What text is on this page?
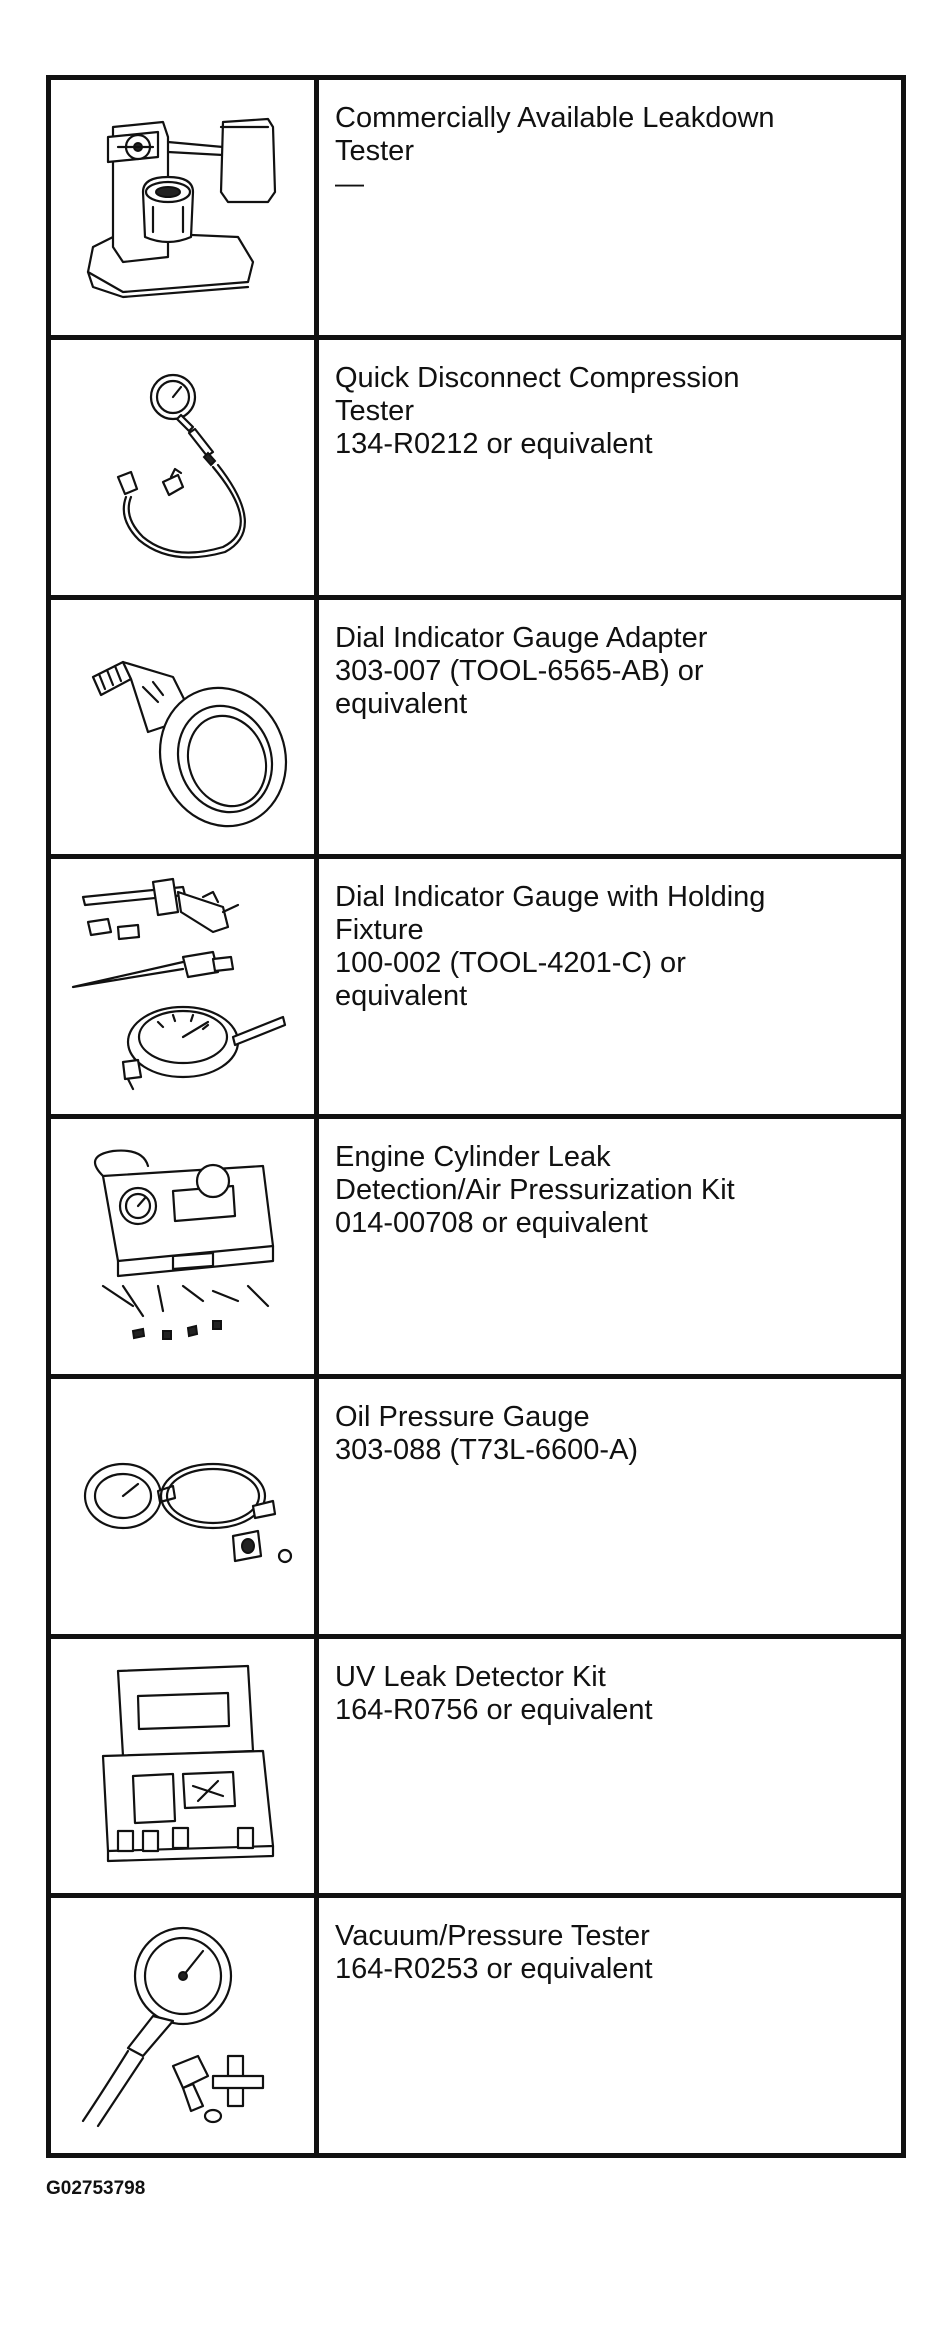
Commercially Available Leakdown
Tester
—
Quick Disconnect Compression
Tester
134-R0212 or equivalent
Dial Indicator Gauge Adapter
303-007 (TOOL-6565-AB) or
equivalent
Dial Indicator Gauge with Holding
Fixture
100-002 (TOOL-4201-C) or
equivalent
Engine Cylinder Leak
Detection/Air Pressurization Kit
014-00708 or equivalent
Oil Pressure Gauge
303-088 (T73L-6600-A)
UV Leak Detector Kit
164-R0756 or equivalent
Vacuum/Pressure Tester
164-R0253 or equivalent
G02753798
